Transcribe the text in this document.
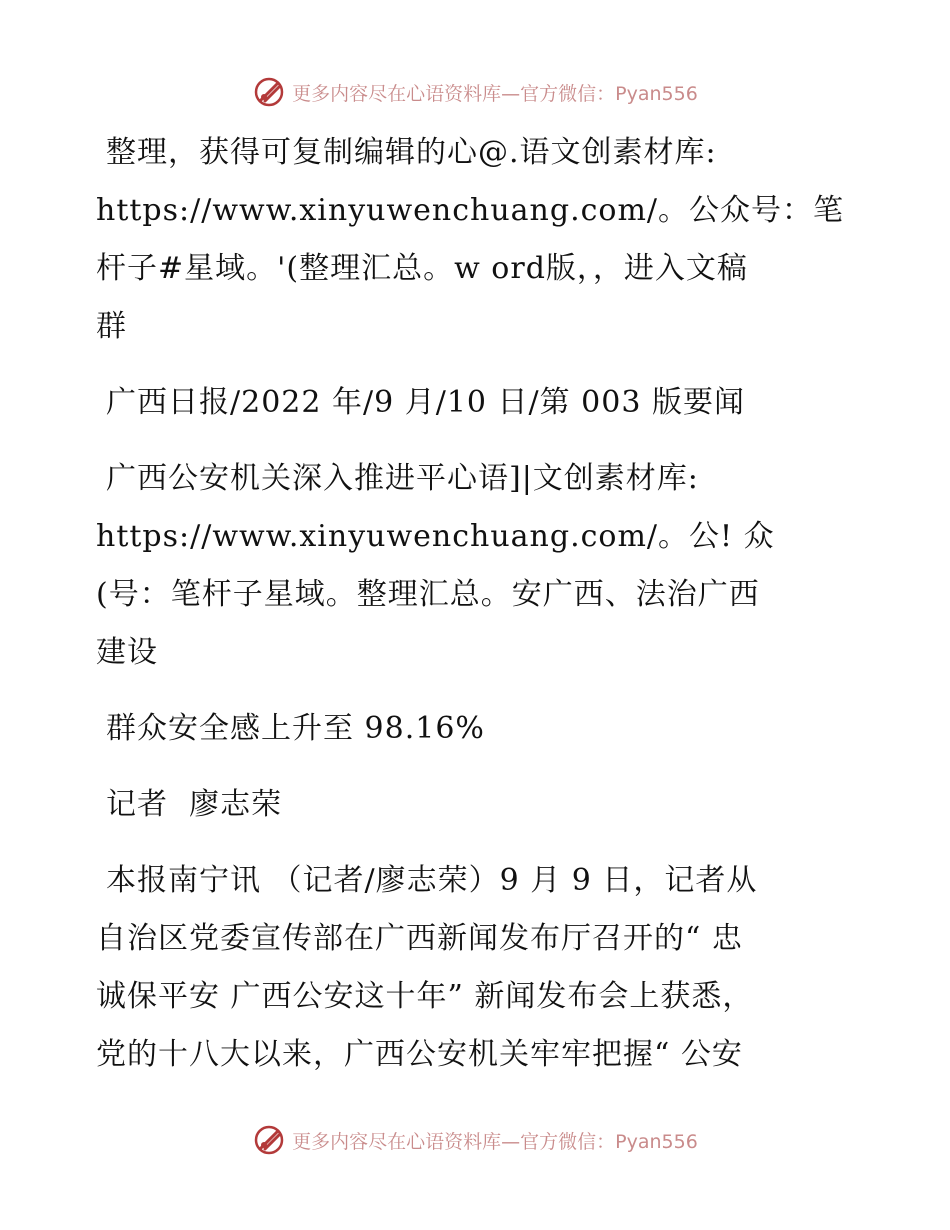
更多内容尽在心语资料库—官方微信：Pyan556

整理，获得可复制编辑的心@.语文创素材库:

https://www.xinyuwenchuang.com/。公众号：笔

杆子#星域。'(整理汇总。w ord版，，进入文稿

群

广西日报/2022 年/9 月/10 日/第 003 版要闻

广西公安机关深入推进平心语]|文创素材库:

https://www.xinyuwenchuang.com/。公! 众

(号：笔杆子星域。整理汇总。安广西、法治广西

建设

群众安全感上升至 98.16%

记者  廖志荣

本报南宁讯 （记者/廖志荣）9 月 9 日，记者从

自治区党委宣传部在广西新闻发布厅召开的“ 忠

诚保平安 广西公安这十年” 新闻发布会上获悉，

党的十八大以来，广西公安机关牢牢把握“ 公安

更多内容尽在心语资料库—官方微信：Pyan556
